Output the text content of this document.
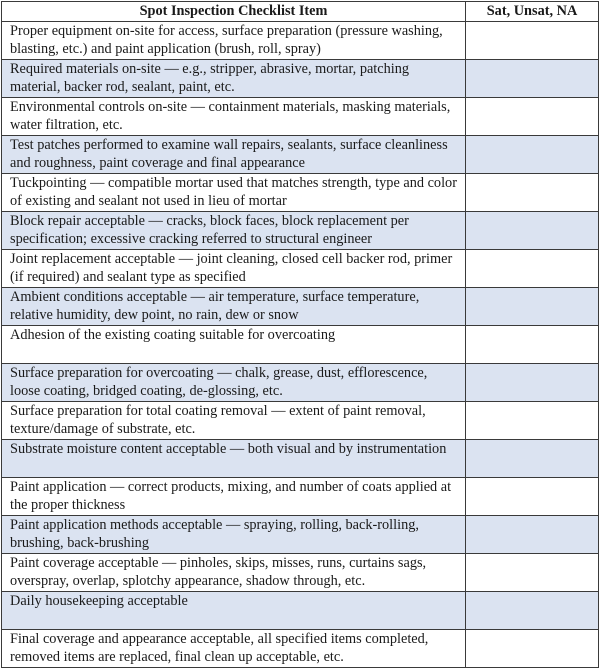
Spot Inspection Checklist Item	Sat, Unsat, NA
Proper equipment on-site for access, surface preparation (pressure washing, blasting, etc.) and paint application (brush, roll, spray)	
Required materials on-site — e.g., stripper, abrasive, mortar, patching material, backer rod, sealant, paint, etc.	
Environmental controls on-site — containment materials, masking materials, water filtration, etc.	
Test patches performed to examine wall repairs, sealants, surface cleanliness and roughness, paint coverage and final appearance	
Tuckpointing — compatible mortar used that matches strength, type and color of existing and sealant not used in lieu of mortar	
Block repair acceptable — cracks, block faces, block replacement per specification; excessive cracking referred to structural engineer	
Joint replacement acceptable — joint cleaning, closed cell backer rod, primer (if required) and sealant type as specified	
Ambient conditions acceptable — air temperature, surface temperature, relative humidity, dew point, no rain, dew or snow	
Adhesion of the existing coating suitable for overcoating	
Surface preparation for overcoating — chalk, grease, dust, efflorescence, loose coating, bridged coating, de-glossing, etc.	
Surface preparation for total coating removal — extent of paint removal, texture/damage of substrate, etc.	
Substrate moisture content acceptable — both visual and by instrumentation	
Paint application — correct products, mixing, and number of coats applied at the proper thickness	
Paint application methods acceptable — spraying, rolling, back-rolling, brushing, back-brushing	
Paint coverage acceptable — pinholes, skips, misses, runs, curtains sags, overspray, overlap, splotchy appearance, shadow through, etc.	
Daily housekeeping acceptable	
Final coverage and appearance acceptable, all specified items completed, removed items are replaced, final clean up acceptable, etc.	
